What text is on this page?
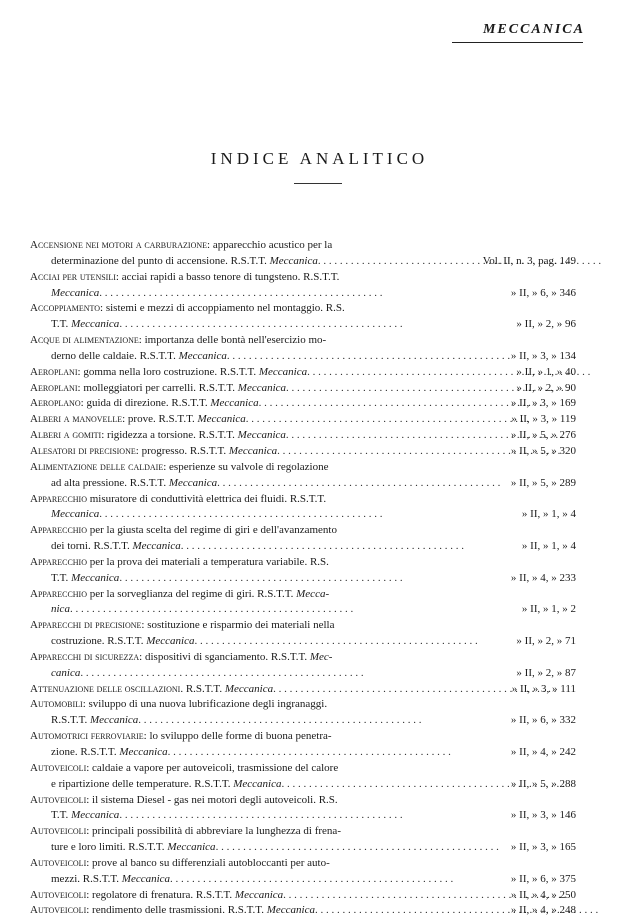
MECCANICA
INDICE ANALITICO
Accensione nei motori a carburazione: apparecchio acustico per la
determinazione del punto di accensione. R.S.T.T. Meccanica . . .	Vol. II, n. 3, pag. 149
Acciai per utensili: acciai rapidi a basso tenore di tungsteno. R.S.T.T.
Meccanica . . .	» II, » 6, » 346
Accoppiamento: sistemi e mezzi di accoppiamento nel montaggio. R.S.
T.T. Meccanica . . .	» II, » 2, » 96
Acque di alimentazione: importanza delle bontà nell'esercizio mo-
derno delle caldaie. R.S.T.T. Meccanica . . .	» II, » 3, » 134
Aeroplani: gomma nella loro costruzione. R.S.T.T. Meccanica . . .	» II, » 1, » 40
Aeroplani: molleggiatori per carrelli. R.S.T.T. Meccanica . . .	» II, » 2, » 90
Aeroplano: guida di direzione. R.S.T.T. Meccanica . . .	» II, » 3, » 169
Alberi a manovelle: prove. R.S.T.T. Meccanica . . .	» II, » 3, » 119
Alberi a gomiti: rigidezza a torsione. R.S.T.T. Meccanica . . .	» II, » 5, » 276
Alesatori di precisione: progresso. R.S.T.T. Meccanica . . .	» II, » 5, » 320
Alimentazione delle caldaie: esperienze su valvole di regolazione
ad alta pressione. R.S.T.T. Meccanica . . .	» II, » 5, » 289
Apparecchio misuratore di conduttività elettrica dei fluidi. R.S.T.T.
Meccanica . . .	» II, » 1, » 4
Apparecchio per la giusta scelta del regime di giri e dell'avanzamento
dei torni. R.S.T.T. Meccanica . . .	» II, » 1, » 4
Apparecchio per la prova dei materiali a temperatura variabile. R.S.
T.T. Meccanica . . .	» II, » 4, » 233
Apparecchio per la sorveglianza del regime di giri. R.S.T.T. Mecca-
nica . . .	» II, » 1, » 2
Apparecchi di precisione: sostituzione e risparmio dei materiali nella
costruzione. R.S.T.T. Meccanica . . .	» II, » 2, » 71
Apparecchi di sicurezza: dispositivi di sganciamento. R.S.T.T. Mec-
canica . . .	» II, » 2, » 87
Attenuazione delle oscillazioni. R.S.T.T. Meccanica . . .	» II, » 3, » 111
Automobili: sviluppo di una nuova lubrificazione degli ingranaggi.
R.S.T.T. Meccanica . . .	» II, » 6, » 332
Automotrici ferroviarie: lo sviluppo delle forme di buona penetra-
zione. R.S.T.T. Meccanica . . .	» II, » 4, » 242
Autoveicoli: caldaie a vapore per autoveicoli, trasmissione del calore
e ripartizione delle temperature. R.S.T.T. Meccanica . . .	» II, » 5, » 288
Autoveicoli: il sistema Diesel - gas nei motori degli autoveicoli. R.S.
T.T. Meccanica . . .	» II, » 3, » 146
Autoveicoli: principali possibilità di abbreviare la lunghezza di frena-
ture e loro limiti. R.S.T.T. Meccanica . . .	» II, » 3, » 165
Autoveicoli: prove al banco su differenziali autobloccanti per auto-
mezzi. R.S.T.T. Meccanica . . .	» II, » 6, » 375
Autoveicoli: regolatore di frenatura. R.S.T.T. Meccanica . . .	» II, » 4, » 250
Autoveicoli: rendimento delle trasmissioni. R.S.T.T. Meccanica . . .	» II, » 4, » 248
